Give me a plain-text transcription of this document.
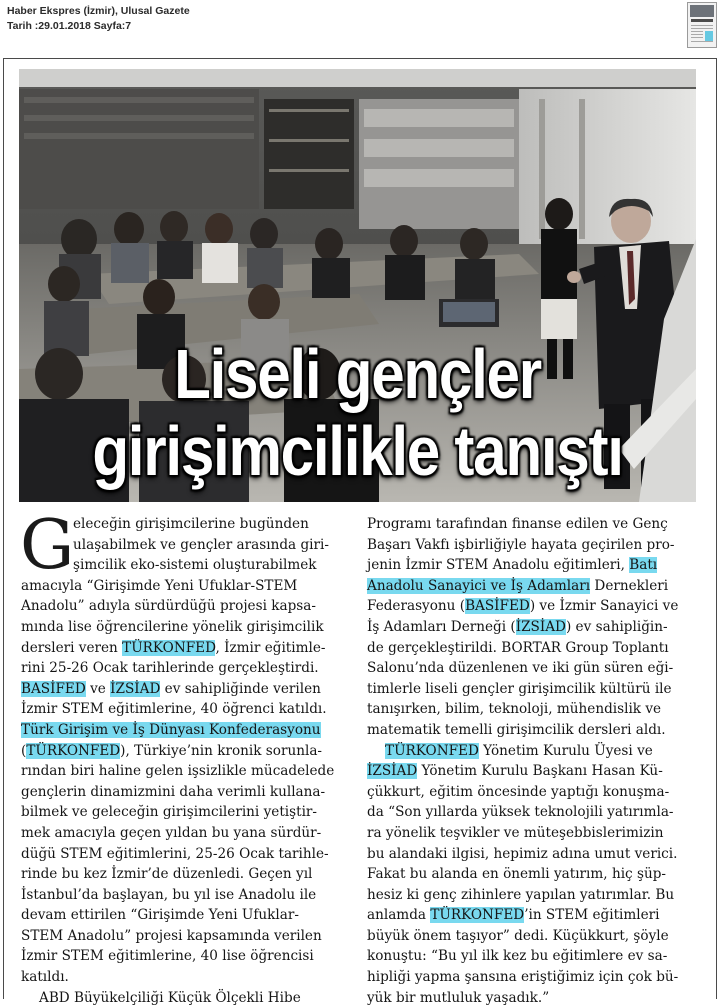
Haber Ekspres (İzmir), Ulusal Gazete
Tarih :29.01.2018 Sayfa:7
Liseli gençler
girişimcilikle tanıştı
G
eleceğin girişimcilerine bugünden
ulaşabilmek ve gençler arasında giri-
şimcilik eko-sistemi oluşturabilmek
amacıyla “Girişimde Yeni Ufuklar-STEM
Anadolu” adıyla sürdürdüğü projesi kapsa-
mında lise öğrencilerine yönelik girişimcilik
dersleri veren TÜRKONFED, İzmir eğitimle-
rini 25-26 Ocak tarihlerinde gerçekleştirdi.
BASİFED ve İZSİAD ev sahipliğinde verilen
İzmir STEM eğitimlerine, 40 öğrenci katıldı.
Türk Girişim ve İş Dünyası Konfederasyonu
(TÜRKONFED), Türkiye’nin kronik sorunla-
rından biri haline gelen işsizlikle mücadelede
gençlerin dinamizmini daha verimli kullana-
bilmek ve geleceğin girişimcilerini yetiştir-
mek amacıyla geçen yıldan bu yana sürdür-
düğü STEM eğitimlerini, 25-26 Ocak tarihle-
rinde bu kez İzmir’de düzenledi. Geçen yıl
İstanbul’da başlayan, bu yıl ise Anadolu ile
devam ettirilen “Girişimde Yeni Ufuklar-
STEM Anadolu” projesi kapsamında verilen
İzmir STEM eğitimlerine, 40 lise öğrencisi
katıldı.
ABD Büyükelçiliği Küçük Ölçekli Hibe
Programı tarafından finanse edilen ve Genç
Başarı Vakfı işbirliğiyle hayata geçirilen pro-
jenin İzmir STEM Anadolu eğitimleri, Batı
Anadolu Sanayici ve İş Adamları Dernekleri
Federasyonu (BASİFED) ve İzmir Sanayici ve
İş Adamları Derneği (İZSİAD) ev sahipliğin-
de gerçekleştirildi. BORTAR Group Toplantı
Salonu’nda düzenlenen ve iki gün süren eği-
timlerle liseli gençler girişimcilik kültürü ile
tanışırken, bilim, teknoloji, mühendislik ve
matematik temelli girişimcilik dersleri aldı.
TÜRKONFED Yönetim Kurulu Üyesi ve
İZSİAD Yönetim Kurulu Başkanı Hasan Kü-
çükkurt, eğitim öncesinde yaptığı konuşma-
da “Son yıllarda yüksek teknolojili yatırımla-
ra yönelik teşvikler ve müteşebbislerimizin
bu alandaki ilgisi, hepimiz adına umut verici.
Fakat bu alanda en önemli yatırım, hiç şüp-
hesiz ki genç zihinlere yapılan yatırımlar. Bu
anlamda TÜRKONFED’in STEM eğitimleri
büyük önem taşıyor” dedi. Küçükkurt, şöyle
konuştu: “Bu yıl ilk kez bu eğitimlere ev sa-
hipliği yapma şansına eriştiğimiz için çok bü-
yük bir mutluluk yaşadık.”
